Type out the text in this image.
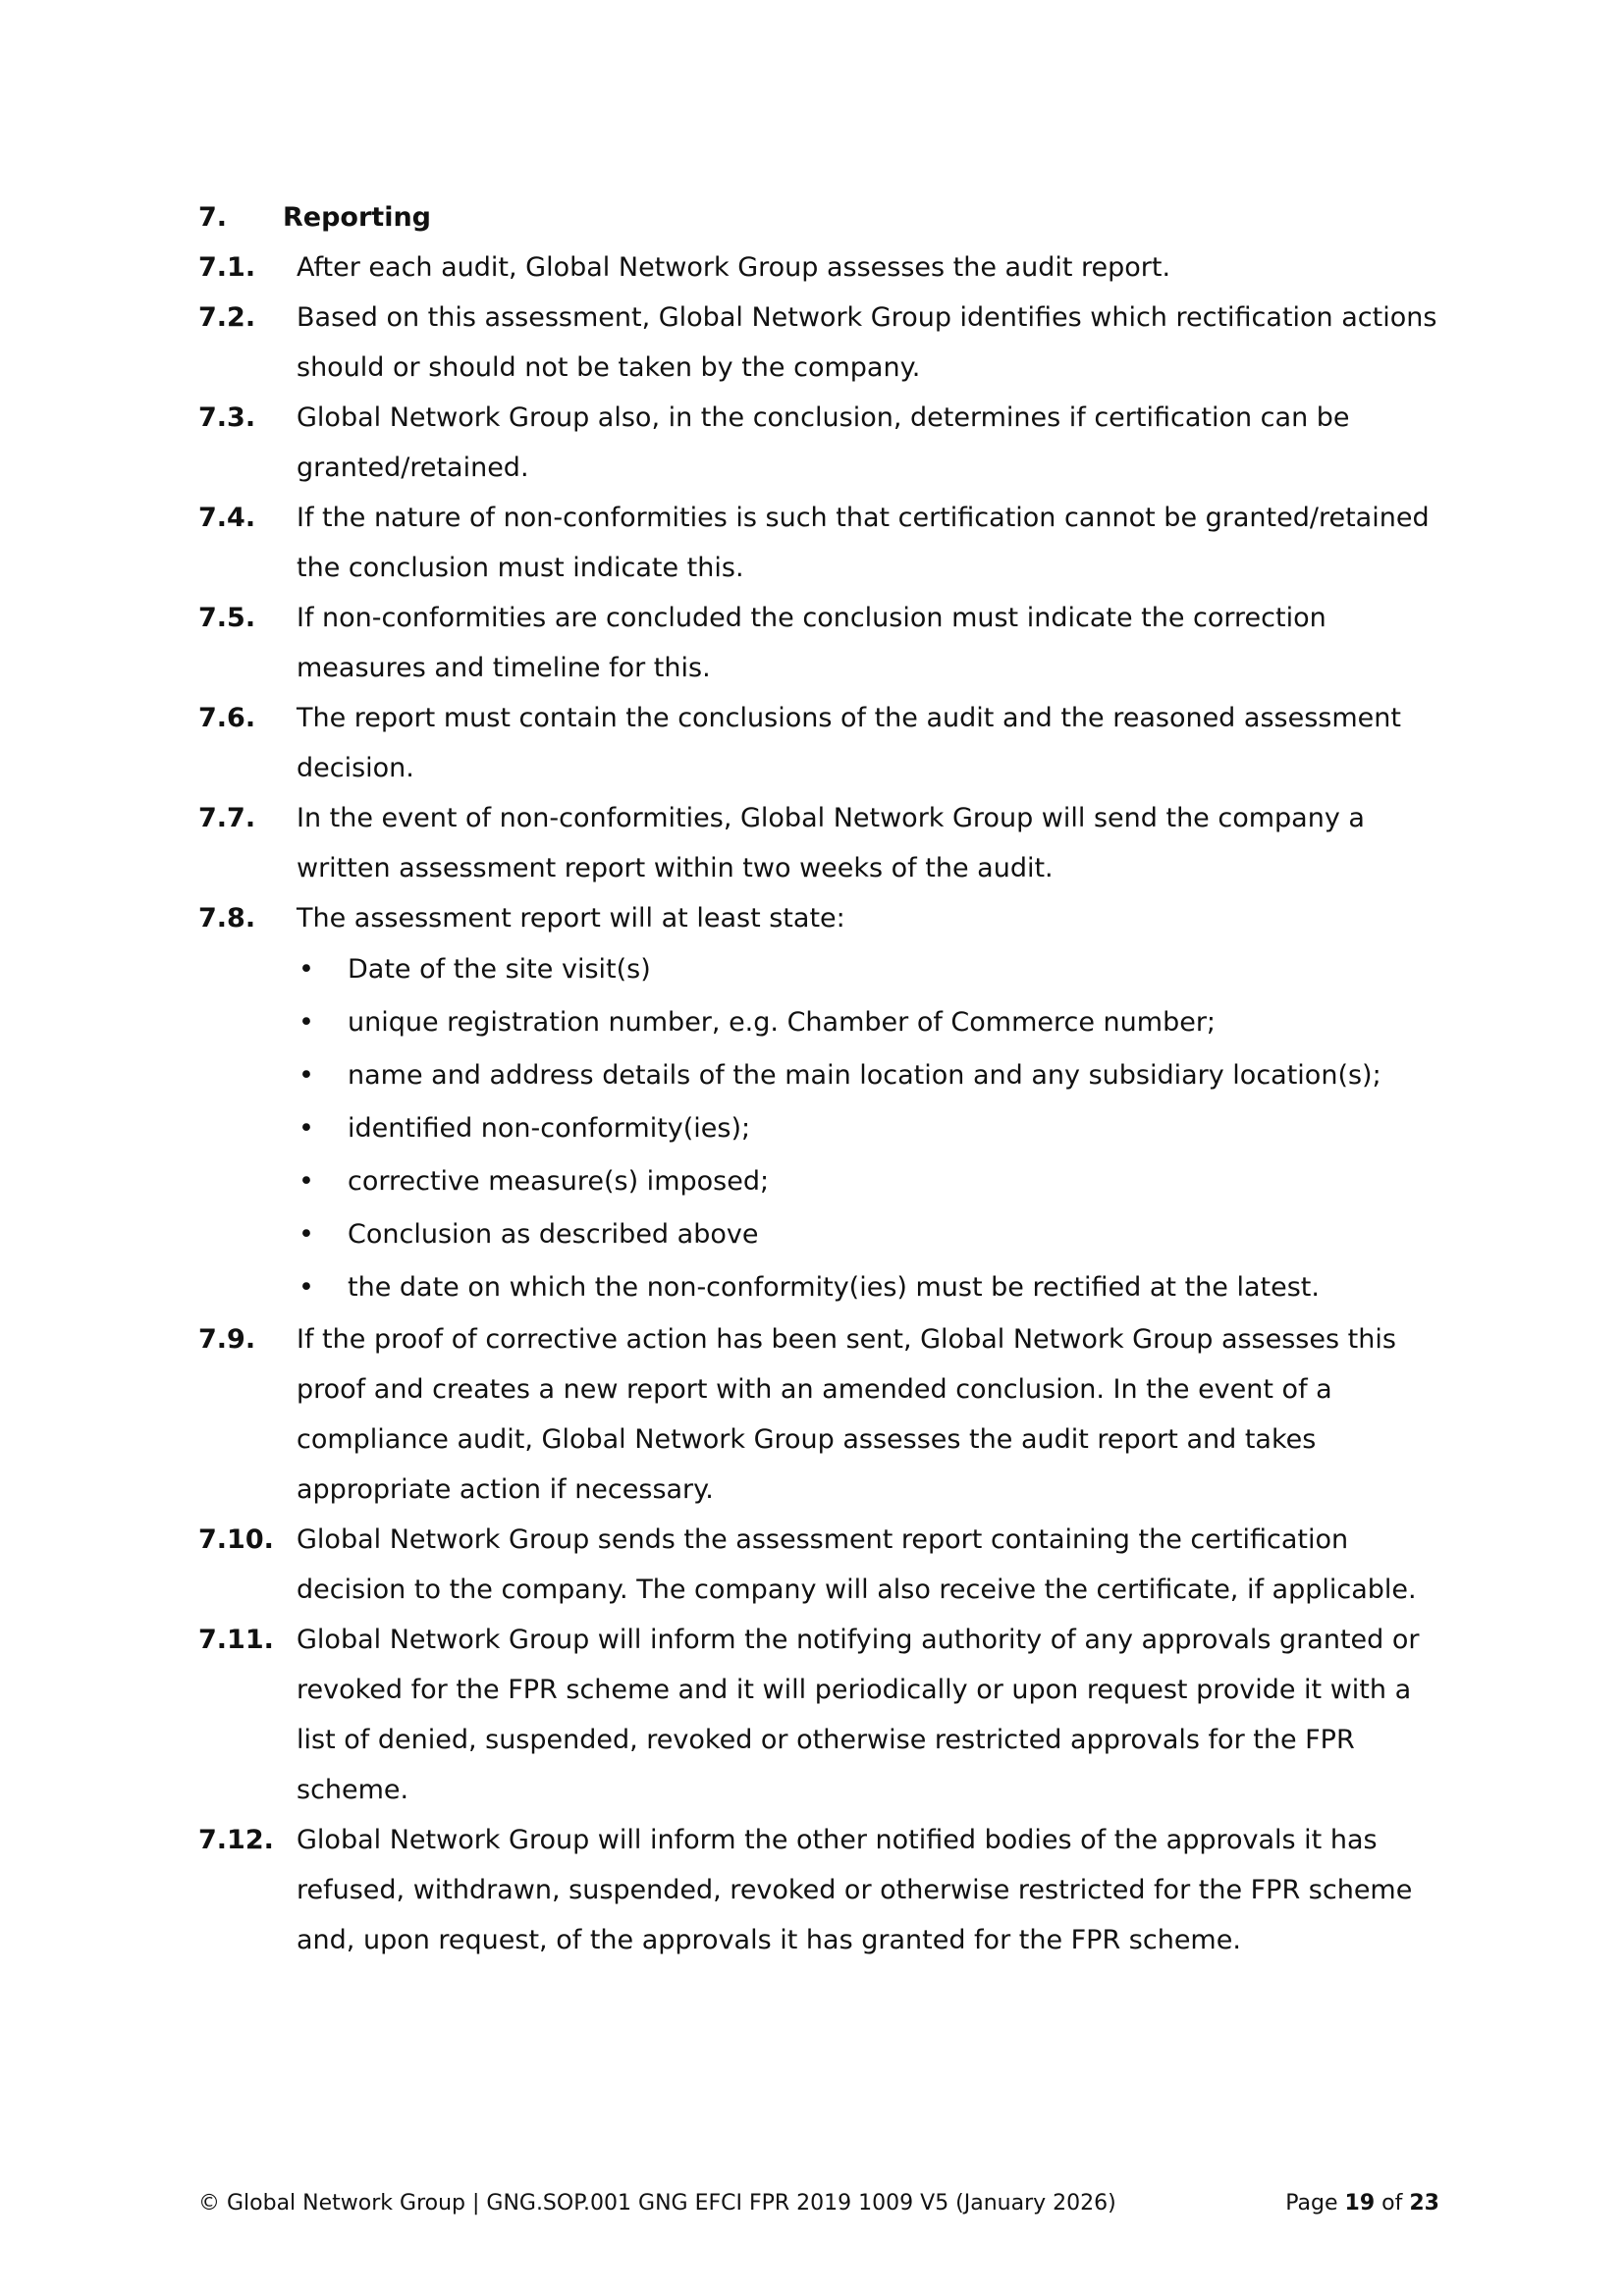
7.	Reporting
7.1.	After each audit, Global Network Group assesses the audit report.
7.2.	Based on this assessment, Global Network Group identifies which rectification actions should or should not be taken by the company.
7.3.	Global Network Group also, in the conclusion, determines if certification can be granted/retained.
7.4.	If the nature of non-conformities is such that certification cannot be granted/retained the conclusion must indicate this.
7.5.	If non-conformities are concluded the conclusion must indicate the correction measures and timeline for this.
7.6.	The report must contain the conclusions of the audit and the reasoned assessment decision.
7.7.	In the event of non-conformities, Global Network Group will send the company a written assessment report within two weeks of the audit.
7.8.	The assessment report will at least state:
•	Date of the site visit(s)
•	unique registration number, e.g. Chamber of Commerce number;
•	name and address details of the main location and any subsidiary location(s);
•	identified non-conformity(ies);
•	corrective measure(s) imposed;
•	Conclusion as described above
•	the date on which the non-conformity(ies) must be rectified at the latest.
7.9.	If the proof of corrective action has been sent, Global Network Group assesses this proof and creates a new report with an amended conclusion. In the event of a compliance audit, Global Network Group assesses the audit report and takes appropriate action if necessary.
7.10. Global Network Group sends the assessment report containing the certification decision to the company. The company will also receive the certificate, if applicable.
7.11. Global Network Group will inform the notifying authority of any approvals granted or revoked for the FPR scheme and it will periodically or upon request provide it with a list of denied, suspended, revoked or otherwise restricted approvals for the FPR scheme.
7.12. Global Network Group will inform the other notified bodies of the approvals it has refused, withdrawn, suspended, revoked or otherwise restricted for the FPR scheme and, upon request, of the approvals it has granted for the FPR scheme.
© Global Network Group | GNG.SOP.001 GNG EFCI FPR 2019 1009 V5 (January 2026)	Page 19 of 23
